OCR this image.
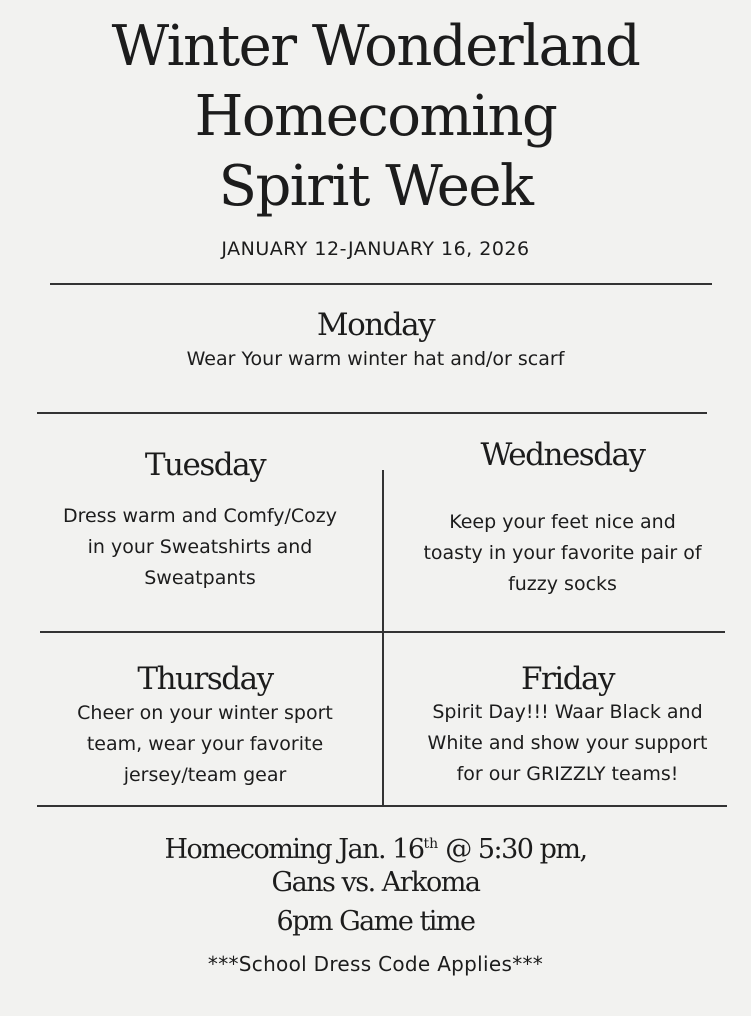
Winter Wonderland
Homecoming
Spirit Week
JANUARY 12-JANUARY 16, 2026
Monday
Wear Your warm winter hat and/or scarf
Tuesday
Dress warm and Comfy/Cozy
in your Sweatshirts and
Sweatpants
Wednesday
Keep your feet nice and
toasty in your favorite pair of
fuzzy socks
Thursday
Cheer on your winter sport
team, wear your favorite
jersey/team gear
Friday
Spirit Day!!! Waar Black and
White and show your support
for our GRIZZLY teams!
Homecoming Jan. 16th @ 5:30 pm,
Gans vs. Arkoma
6pm Game time
***School Dress Code Applies***
